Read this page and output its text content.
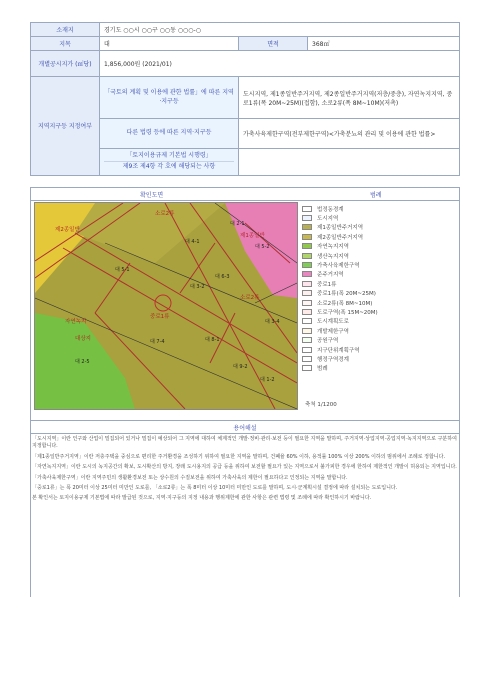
소재지	경기도 ○○시 ○○구 ○○동 ○○○-○		
지목	대	면적	368㎡
개별공시지가 (㎡당)	1,856,000원 (2021/01)		
지역지구등 지정여부	「국토의 계획 및 이용에 관한 법률」에 따른 지역·지구등	도시지역, 제1종일반주거지역, 제2종일반주거지역(저층/중층), 자연녹지지역, 중로1류(폭 20M~25M)(접함), 소로2류(폭 8M~10M)(저촉)	

	다른 법령 등에 따른 지역·지구등	가축사육제한구역(전부제한구역)<가축분뇨의 관리 및 이용에 관한 법률>	

	「토지이용규제 기본법 시행령」
제9조 제4항 각 호에 해당되는 사항		

확인도면	범례
대 5-1
대 4-1
대 2-1
대 5-2
대 3-2
대 6-3
대 7-4	대 8-1
대 9-2
대 1-2
대 3-4
대 2-5
제2종일반
소로2류
중로1류
자연녹지
제1종일반
소로2류
대상지
법정동경계
도시지역
제1종일반주거지역
제2종일반주거지역
자연녹지지역
생산녹지지역
가축사육제한구역
준주거지역
중로1류
중로1류(폭 20M~25M)
소로2류(폭 8M~10M)
도로구역(폭 15M~20M)
도시계획도로
개발제한구역
공원구역
지구단위계획구역
행정구역경계
범례
축척 1/1200
용어해설

「도시지역」이란 인구와 산업이 밀집되어 있거나 밀집이 예상되어 그 지역에 대하여 체계적인 개발·정비·관리·보전 등이 필요한 지역을 말하며, 주거지역·상업지역·공업지역·녹지지역으로 구분하여 지정합니다.

「제1종일반주거지역」이란 저층주택을 중심으로 편리한 주거환경을 조성하기 위하여 필요한 지역을 말하며, 건폐율 60% 이하, 용적률 100% 이상 200% 이하의 범위에서 조례로 정합니다.

「자연녹지지역」이란 도시의 녹지공간의 확보, 도시확산의 방지, 장래 도시용지의 공급 등을 위하여 보전할 필요가 있는 지역으로서 불가피한 경우에 한하여 제한적인 개발이 허용되는 지역입니다.

「가축사육제한구역」이란 지역주민의 생활환경보전 또는 상수원의 수질보전을 위하여 가축사육의 제한이 필요하다고 인정되는 지역을 말합니다.

「중로1류」는 폭 20미터 이상 25미터 미만인 도로를, 「소로2류」는 폭 8미터 이상 10미터 미만인 도로를 말하며, 도시·군계획시설 결정에 따라 설치되는 도로입니다.

본 확인서는 토지이용규제 기본법에 따라 발급된 것으로, 지역·지구등의 지정 내용과 행위제한에 관한 사항은 관련 법령 및 조례에 따라 확인하시기 바랍니다.
